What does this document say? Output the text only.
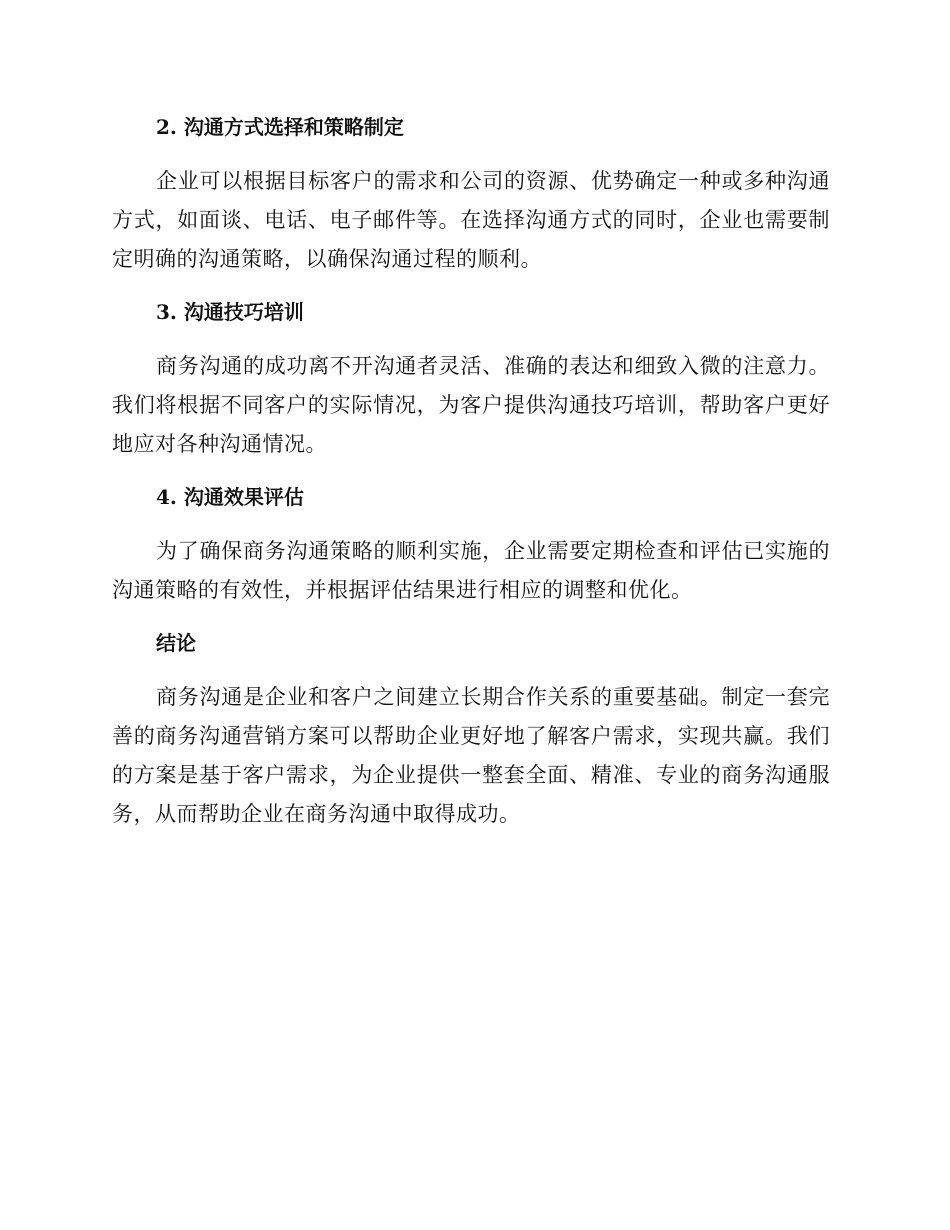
2. 沟通方式选择和策略制定

企业可以根据目标客户的需求和公司的资源、优势确定一种或多种沟通方式，如面谈、电话、电子邮件等。在选择沟通方式的同时，企业也需要制定明确的沟通策略，以确保沟通过程的顺利。

3. 沟通技巧培训

商务沟通的成功离不开沟通者灵活、准确的表达和细致入微的注意力。我们将根据不同客户的实际情况，为客户提供沟通技巧培训，帮助客户更好地应对各种沟通情况。

4. 沟通效果评估

为了确保商务沟通策略的顺利实施，企业需要定期检查和评估已实施的沟通策略的有效性，并根据评估结果进行相应的调整和优化。

结论

商务沟通是企业和客户之间建立长期合作关系的重要基础。制定一套完善的商务沟通营销方案可以帮助企业更好地了解客户需求，实现共赢。我们的方案是基于客户需求，为企业提供一整套全面、精准、专业的商务沟通服务，从而帮助企业在商务沟通中取得成功。
